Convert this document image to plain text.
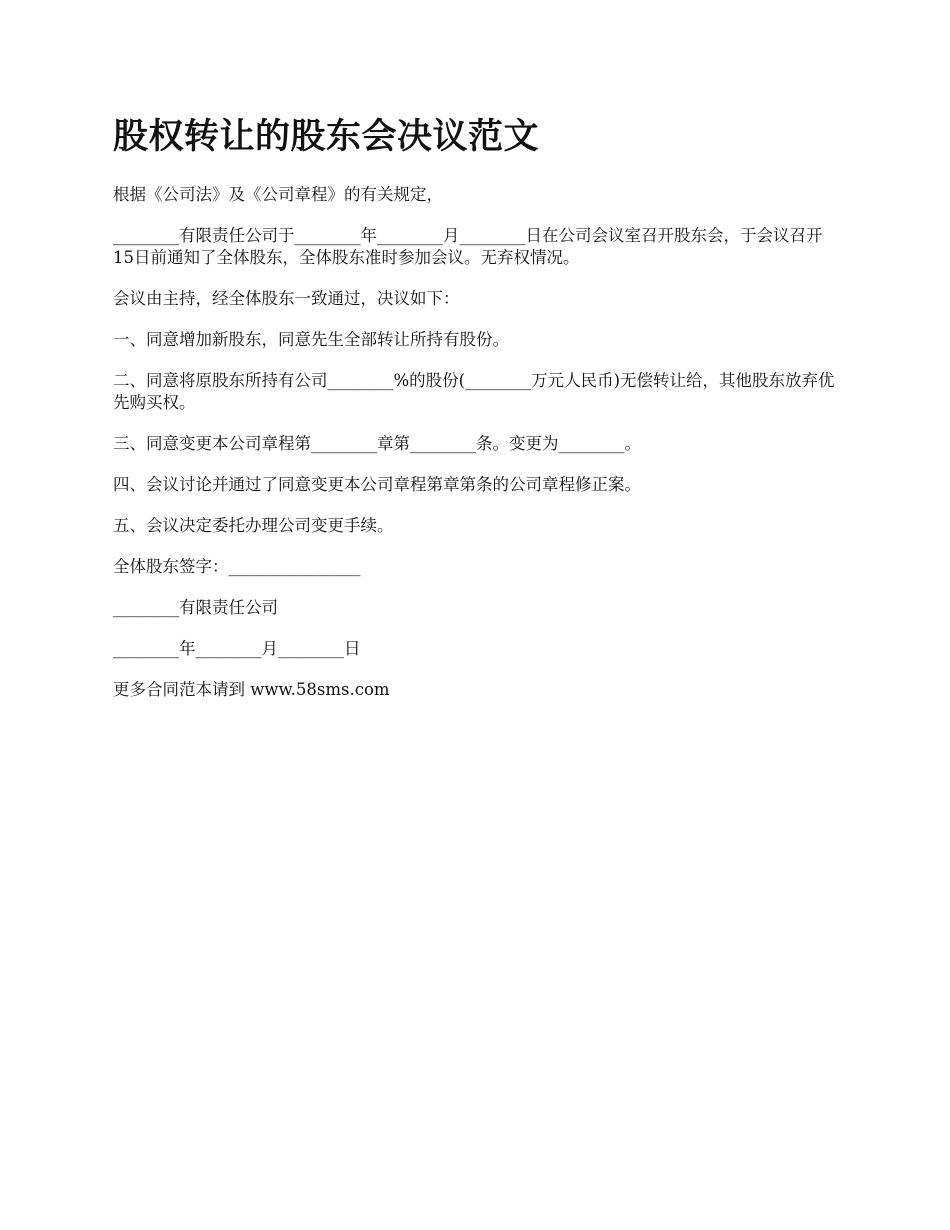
股权转让的股东会决议范文

根据《公司法》及《公司章程》的有关规定，

________有限责任公司于________年________月________日在公司会议室召开股东会，于会议召开15日前通知了全体股东，全体股东准时参加会议。无弃权情况。

会议由主持，经全体股东一致通过，决议如下：

一、同意增加新股东，同意先生全部转让所持有股份。

二、同意将原股东所持有公司________%的股份(________万元人民币)无偿转让给，其他股东放弃优先购买权。

三、同意变更本公司章程第________章第________条。变更为________。

四、会议讨论并通过了同意变更本公司章程第章第条的公司章程修正案。

五、会议决定委托办理公司变更手续。

全体股东签字：________________

________有限责任公司

________年________月________日

更多合同范本请到 www.58sms.com
